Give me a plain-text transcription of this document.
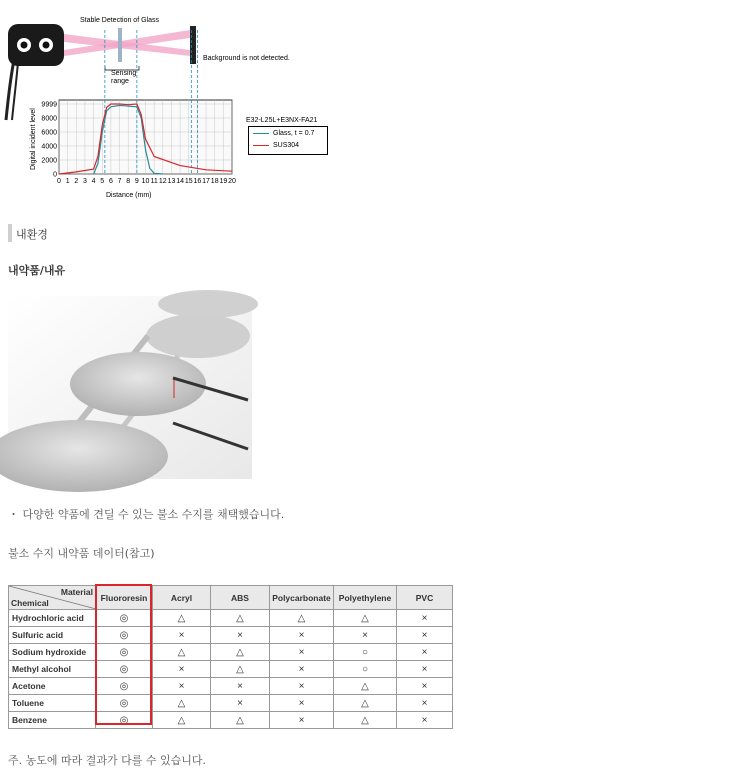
Sensing
range
Stable Detection of Glass
Background is not detected.
9999
8000
6000
4000
2000
0
0 1 2 3 4 5 6 7 8 9 10 11 12 13 14 15 16 17 18 19 20
Digital incident level
Distance (mm)
E32-L25L+E3NX-FA21
Glass, t = 0.7
SUS304
내환경
내약품/내유
・ 다양한 약품에 견딜 수 있는 불소 수지를 채택했습니다.
불소 수지 내약품 데이터(참고)
Material
Chemical	Fluororesin	Acryl	ABS	Polycarbonate	Polyethylene	PVC
Hydrochloric acid	◎	△	△	△	△	×
Sulfuric acid	◎	×	×	×	×	×
Sodium hydroxide	◎	△	△	×	○	×
Methyl alcohol	◎	×	△	×	○	×
Acetone	◎	×	×	×	△	×
Toluene	◎	△	×	×	△	×
Benzene	◎	△	△	×	△	×
주. 농도에 따라 결과가 다를 수 있습니다.
